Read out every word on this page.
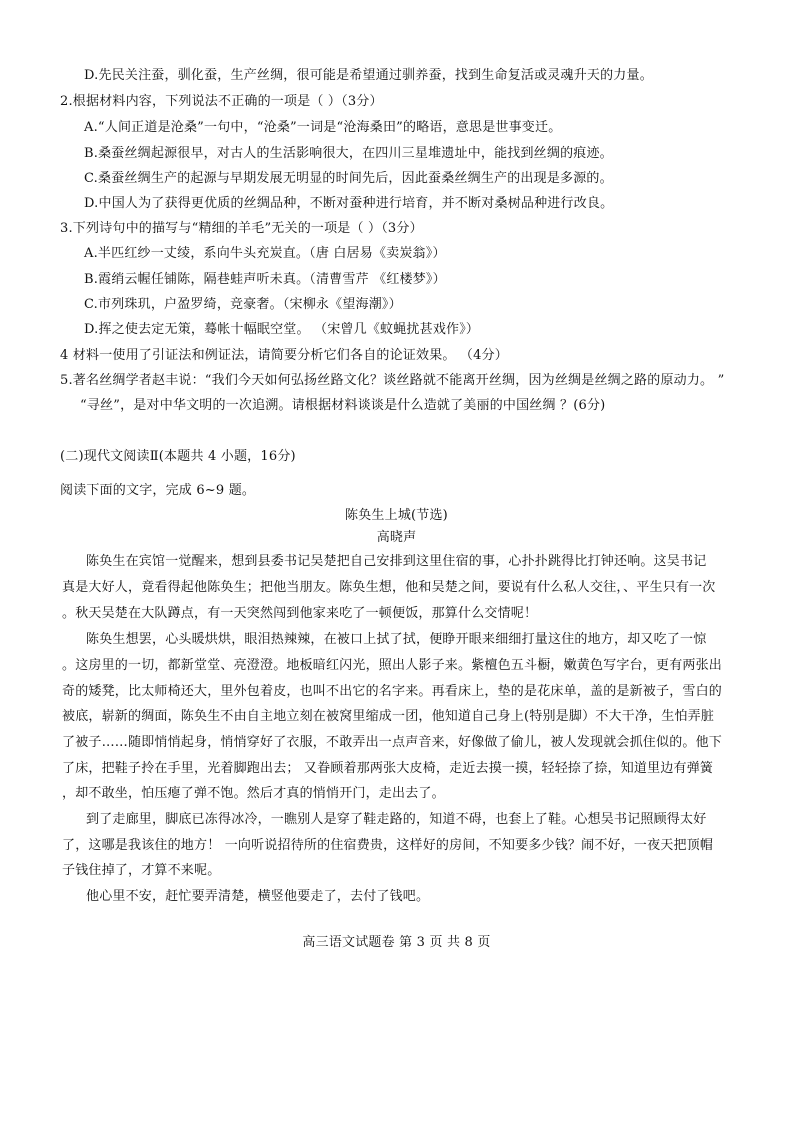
D.先民关注蚕，驯化蚕，生产丝绸，很可能是希望通过驯养蚕，找到生命复活或灵魂升天的力量。
2.根据材料内容，下列说法不正确的一项是（ ）（3分）
A.“人间正道是沧桑”一句中，“沧桑”一词是“沧海桑田”的略语，意思是世事变迁。
B.桑蚕丝绸起源很早，对古人的生活影响很大，在四川三星堆遗址中，能找到丝绸的痕迹。
C.桑蚕丝绸生产的起源与早期发展无明显的时间先后，因此蚕桑丝绸生产的出现是多源的。
D.中国人为了获得更优质的丝绸品种，不断对蚕种进行培育，并不断对桑树品种进行改良。
3.下列诗句中的描写与“精细的羊毛”无关的一项是（ ）（3分）
A.半匹红纱一丈绫，系向牛头充炭直。（唐 白居易《卖炭翁》）
B.霞绡云幄任铺陈，隔巷蛙声听未真。（清曹雪芹 《红楼梦》）
C.市列珠玑，户盈罗绮，竞豪奢。（宋柳永《望海潮》）
D.挥之使去定无策，蓦帐十幅眠空堂。 （宋曾几《蚊蝇扰甚戏作》）
4 材料一使用了引证法和例证法，请简要分析它们各自的论证效果。 （4分）
5.著名丝绸学者赵丰说：“我们今天如何弘扬丝路文化？谈丝路就不能离开丝绸，因为丝绸是丝绸之路的原动力。 ”
“寻丝”，是对中华文明的一次追溯。请根据材料谈谈是什么造就了美丽的中国丝绸 ？(6分)
(二)现代文阅读Ⅱ(本题共 4 小题，16分)
阅读下面的文字，完成 6~9 题。
陈奂生上城(节选)
高晓声
陈奂生在宾馆一觉醒来，想到县委书记吴楚把自己安排到这里住宿的事，心扑扑跳得比打钟还响。这吴书记
真是大好人，竟看得起他陈奂生；把他当朋友。陈奂生想，他和吴楚之间，要说有什么私人交往，、平生只有一次
。秋天吴楚在大队蹲点，有一天突然闯到他家来吃了一顿便饭，那算什么交情呢！
陈奂生想罢，心头暖烘烘，眼泪热辣辣，在被口上拭了拭，便睁开眼来细细打量这住的地方，却又吃了一惊
。这房里的一切，都新堂堂、亮澄澄。地板暗红闪光，照出人影子来。紫檀色五斗橱，嫩黄色写字台，更有两张出
奇的矮凳，比太师椅还大，里外包着皮，也叫不出它的名字来。再看床上，垫的是花床单，盖的是新被子，雪白的
被底，崭新的绸面，陈奂生不由自主地立刻在被窝里缩成一团，他知道自己身上(特别是脚）不大干净，生怕弄脏
了被子……随即悄悄起身，悄悄穿好了衣服，不敢弄出一点声音来，好像做了偷儿，被人发现就会抓住似的。他下
了床，把鞋子拎在手里，光着脚跑出去； 又眷顾着那两张大皮椅，走近去摸一摸，轻轻捺了捺，知道里边有弹簧
，却不敢坐，怕压瘪了弹不饱。然后才真的悄悄开门，走出去了。
到了走廊里，脚底已冻得冰冷，一瞧别人是穿了鞋走路的，知道不碍，也套上了鞋。心想吴书记照顾得太好
了，这哪是我该住的地方！ 一向听说招待所的住宿费贵，这样好的房间，不知要多少钱？闹不好，一夜天把顶帽
子钱住掉了，才算不来呢。
他心里不安，赶忙要弄清楚，横竖他要走了，去付了钱吧。
高三语文试题卷 第 3 页 共 8 页
